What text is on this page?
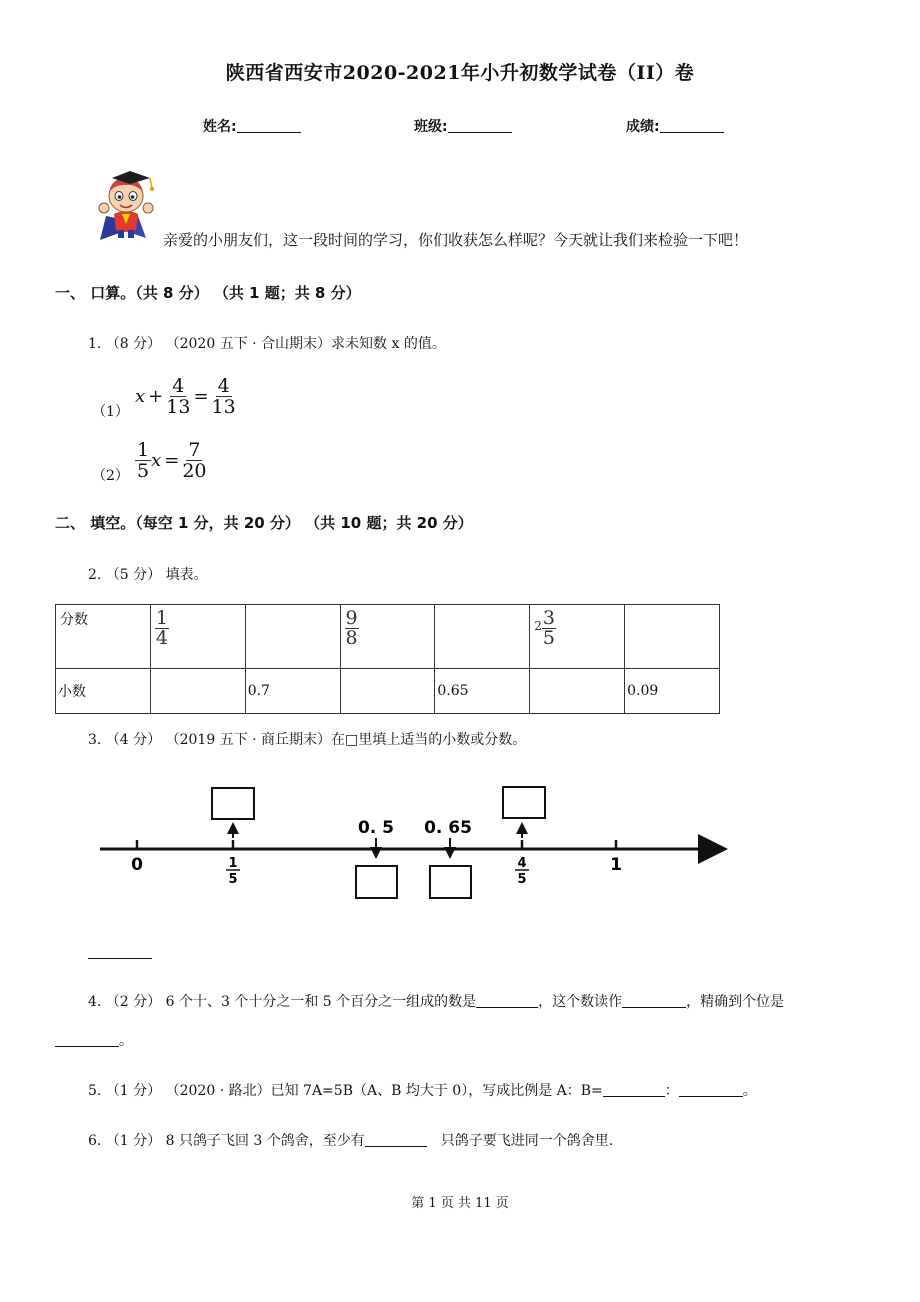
陕西省西安市2020-2021年小升初数学试卷（II）卷
姓名:	班级:	成绩:
亲爱的小朋友们，这一段时间的学习，你们收获怎么样呢？今天就让我们来检验一下吧！
一、 口算。（共 8 分） （共 1 题；共 8 分）
1. （8 分） （2020 五下 · 合山期末）求未知数 x 的值。
（1）
$x + \frac{4}{13} = \frac{4}{13}$
$(2) \frac{1}{5}$ $x = \frac{7}{20}$
二、 填空。（每空 1 分，共 20 分） （共 10 题；共 20 分）
2. （5 分） 填表。
分数	$\frac{1}{4}$		$\frac{9}{8}$		$2 \frac{3}{5}$

小数		0.7		0.65		0.09
3. （4 分） （2019 五下 · 商丘期末）在□里填上适当的小数或分数。
0	1
1
5
4
5
0. 5 0. 65
4. （2 分） 6 个十、3 个十分之一和 5 个百分之一组成的数是	，这个数读作	，精确到个位是
。
5. （1 分） （2020 · 路北）已知 7A=5B（A、B 均大于 0），写成比例是 A：B=	：	。
6. （1 分） 8 只鸽子飞回 3 个鸽舍，至少有	只鸽子要飞进同一个鸽舍里.
第 1 页 共 11 页
